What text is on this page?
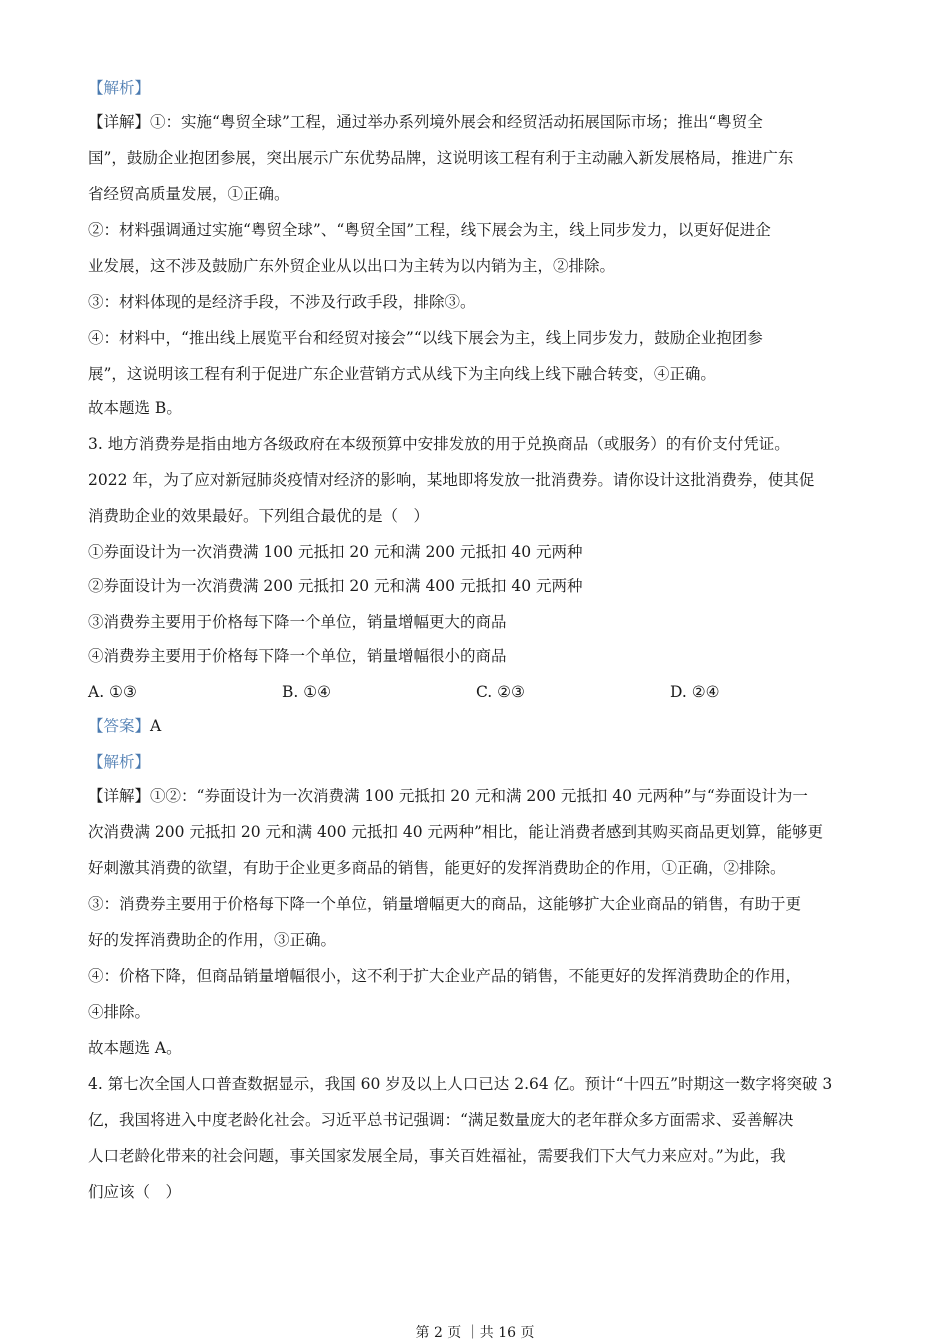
【解析】
【详解】①：实施“粤贸全球”工程，通过举办系列境外展会和经贸活动拓展国际市场；推出“粤贸全
国”，鼓励企业抱团参展，突出展示广东优势品牌，这说明该工程有利于主动融入新发展格局，推进广东
省经贸高质量发展，①正确。
②：材料强调通过实施“粤贸全球”、“粤贸全国”工程，线下展会为主，线上同步发力，以更好促进企
业发展，这不涉及鼓励广东外贸企业从以出口为主转为以内销为主，②排除。
③：材料体现的是经济手段，不涉及行政手段，排除③。
④：材料中，“推出线上展览平台和经贸对接会”“以线下展会为主，线上同步发力，鼓励企业抱团参
展”，这说明该工程有利于促进广东企业营销方式从线下为主向线上线下融合转变，④正确。
故本题选 B。
3. 地方消费券是指由地方各级政府在本级预算中安排发放的用于兑换商品（或服务）的有价支付凭证。
2022 年，为了应对新冠肺炎疫情对经济的影响，某地即将发放一批消费券。请你设计这批消费券，使其促
消费助企业的效果最好。下列组合最优的是（　）
①券面设计为一次消费满 100 元抵扣 20 元和满 200 元抵扣 40 元两种
②券面设计为一次消费满 200 元抵扣 20 元和满 400 元抵扣 40 元两种
③消费券主要用于价格每下降一个单位，销量增幅更大的商品
④消费券主要用于价格每下降一个单位，销量增幅很小的商品
A. ①③	B. ①④	C. ②③	D. ②④
【答案】A
【解析】
【详解】①②：“券面设计为一次消费满 100 元抵扣 20 元和满 200 元抵扣 40 元两种”与“券面设计为一
次消费满 200 元抵扣 20 元和满 400 元抵扣 40 元两种”相比，能让消费者感到其购买商品更划算，能够更
好刺激其消费的欲望，有助于企业更多商品的销售，能更好的发挥消费助企的作用，①正确，②排除。
③：消费券主要用于价格每下降一个单位，销量增幅更大的商品，这能够扩大企业商品的销售，有助于更
好的发挥消费助企的作用，③正确。
④：价格下降，但商品销量增幅很小，这不利于扩大企业产品的销售，不能更好的发挥消费助企的作用，
④排除。
故本题选 A。
4. 第七次全国人口普查数据显示，我国 60 岁及以上人口已达 2.64 亿。预计“十四五”时期这一数字将突破 3
亿，我国将进入中度老龄化社会。习近平总书记强调：“满足数量庞大的老年群众多方面需求、妥善解决
人口老龄化带来的社会问题，事关国家发展全局，事关百姓福祉，需要我们下大气力来应对。”为此，我
们应该（　）
第 2 页 ｜共 16 页
